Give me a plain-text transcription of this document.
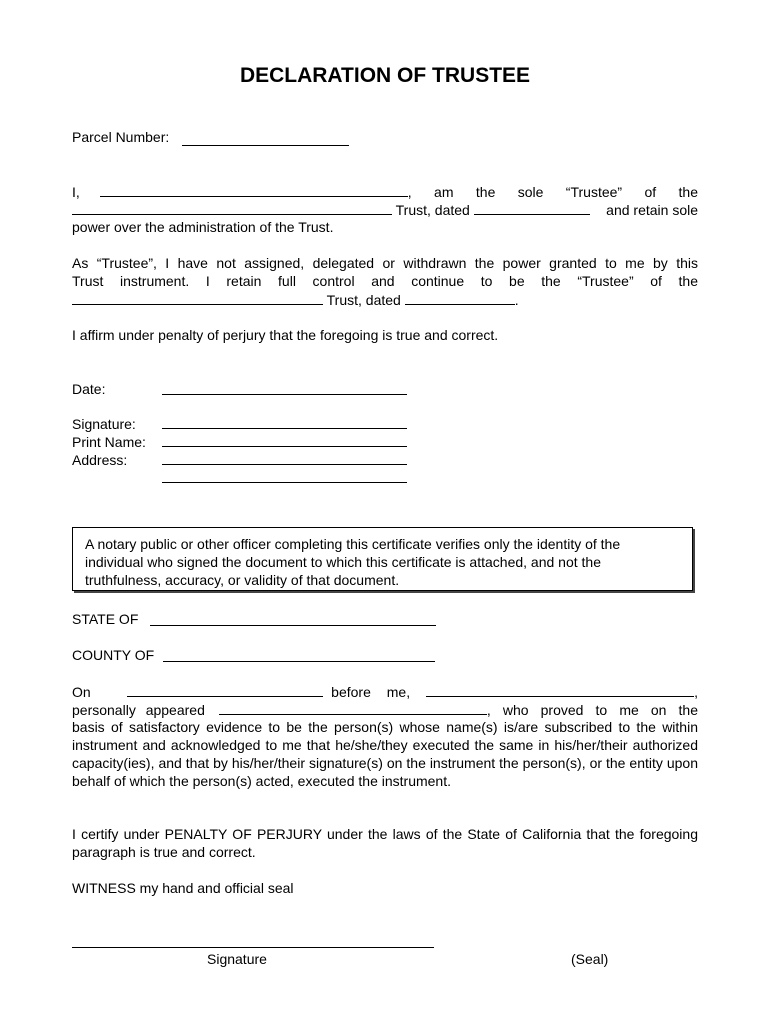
DECLARATION OF TRUSTEE
Parcel Number:
I,	, am the sole “Trustee” of the
Trust, dated	and retain sole
power over the administration of the Trust.
As “Trustee”, I have not assigned, delegated or withdrawn the power granted to me by this
Trust instrument. I retain full control and continue to be the “Trustee” of the
Trust, dated	.
I affirm under penalty of perjury that the foregoing is true and correct.
Date:
Signature:
Print Name:
Address:
A notary public or other officer completing this certificate verifies only the identity of the individual who signed the document to which this certificate is attached, and not the truthfulness, accuracy, or validity of that document.
STATE OF
COUNTY OF
On	before me,	,
personally appeared	, who proved to me on the
basis of satisfactory evidence to be the person(s) whose name(s) is/are subscribed to the within instrument and acknowledged to me that he/she/they executed the same in his/her/their authorized capacity(ies), and that by his/her/their signature(s) on the instrument the person(s), or the entity upon behalf of which the person(s) acted, executed the instrument.
I certify under PENALTY OF PERJURY under the laws of the State of California that the foregoing paragraph is true and correct.
WITNESS my hand and official seal
Signature	(Seal)
